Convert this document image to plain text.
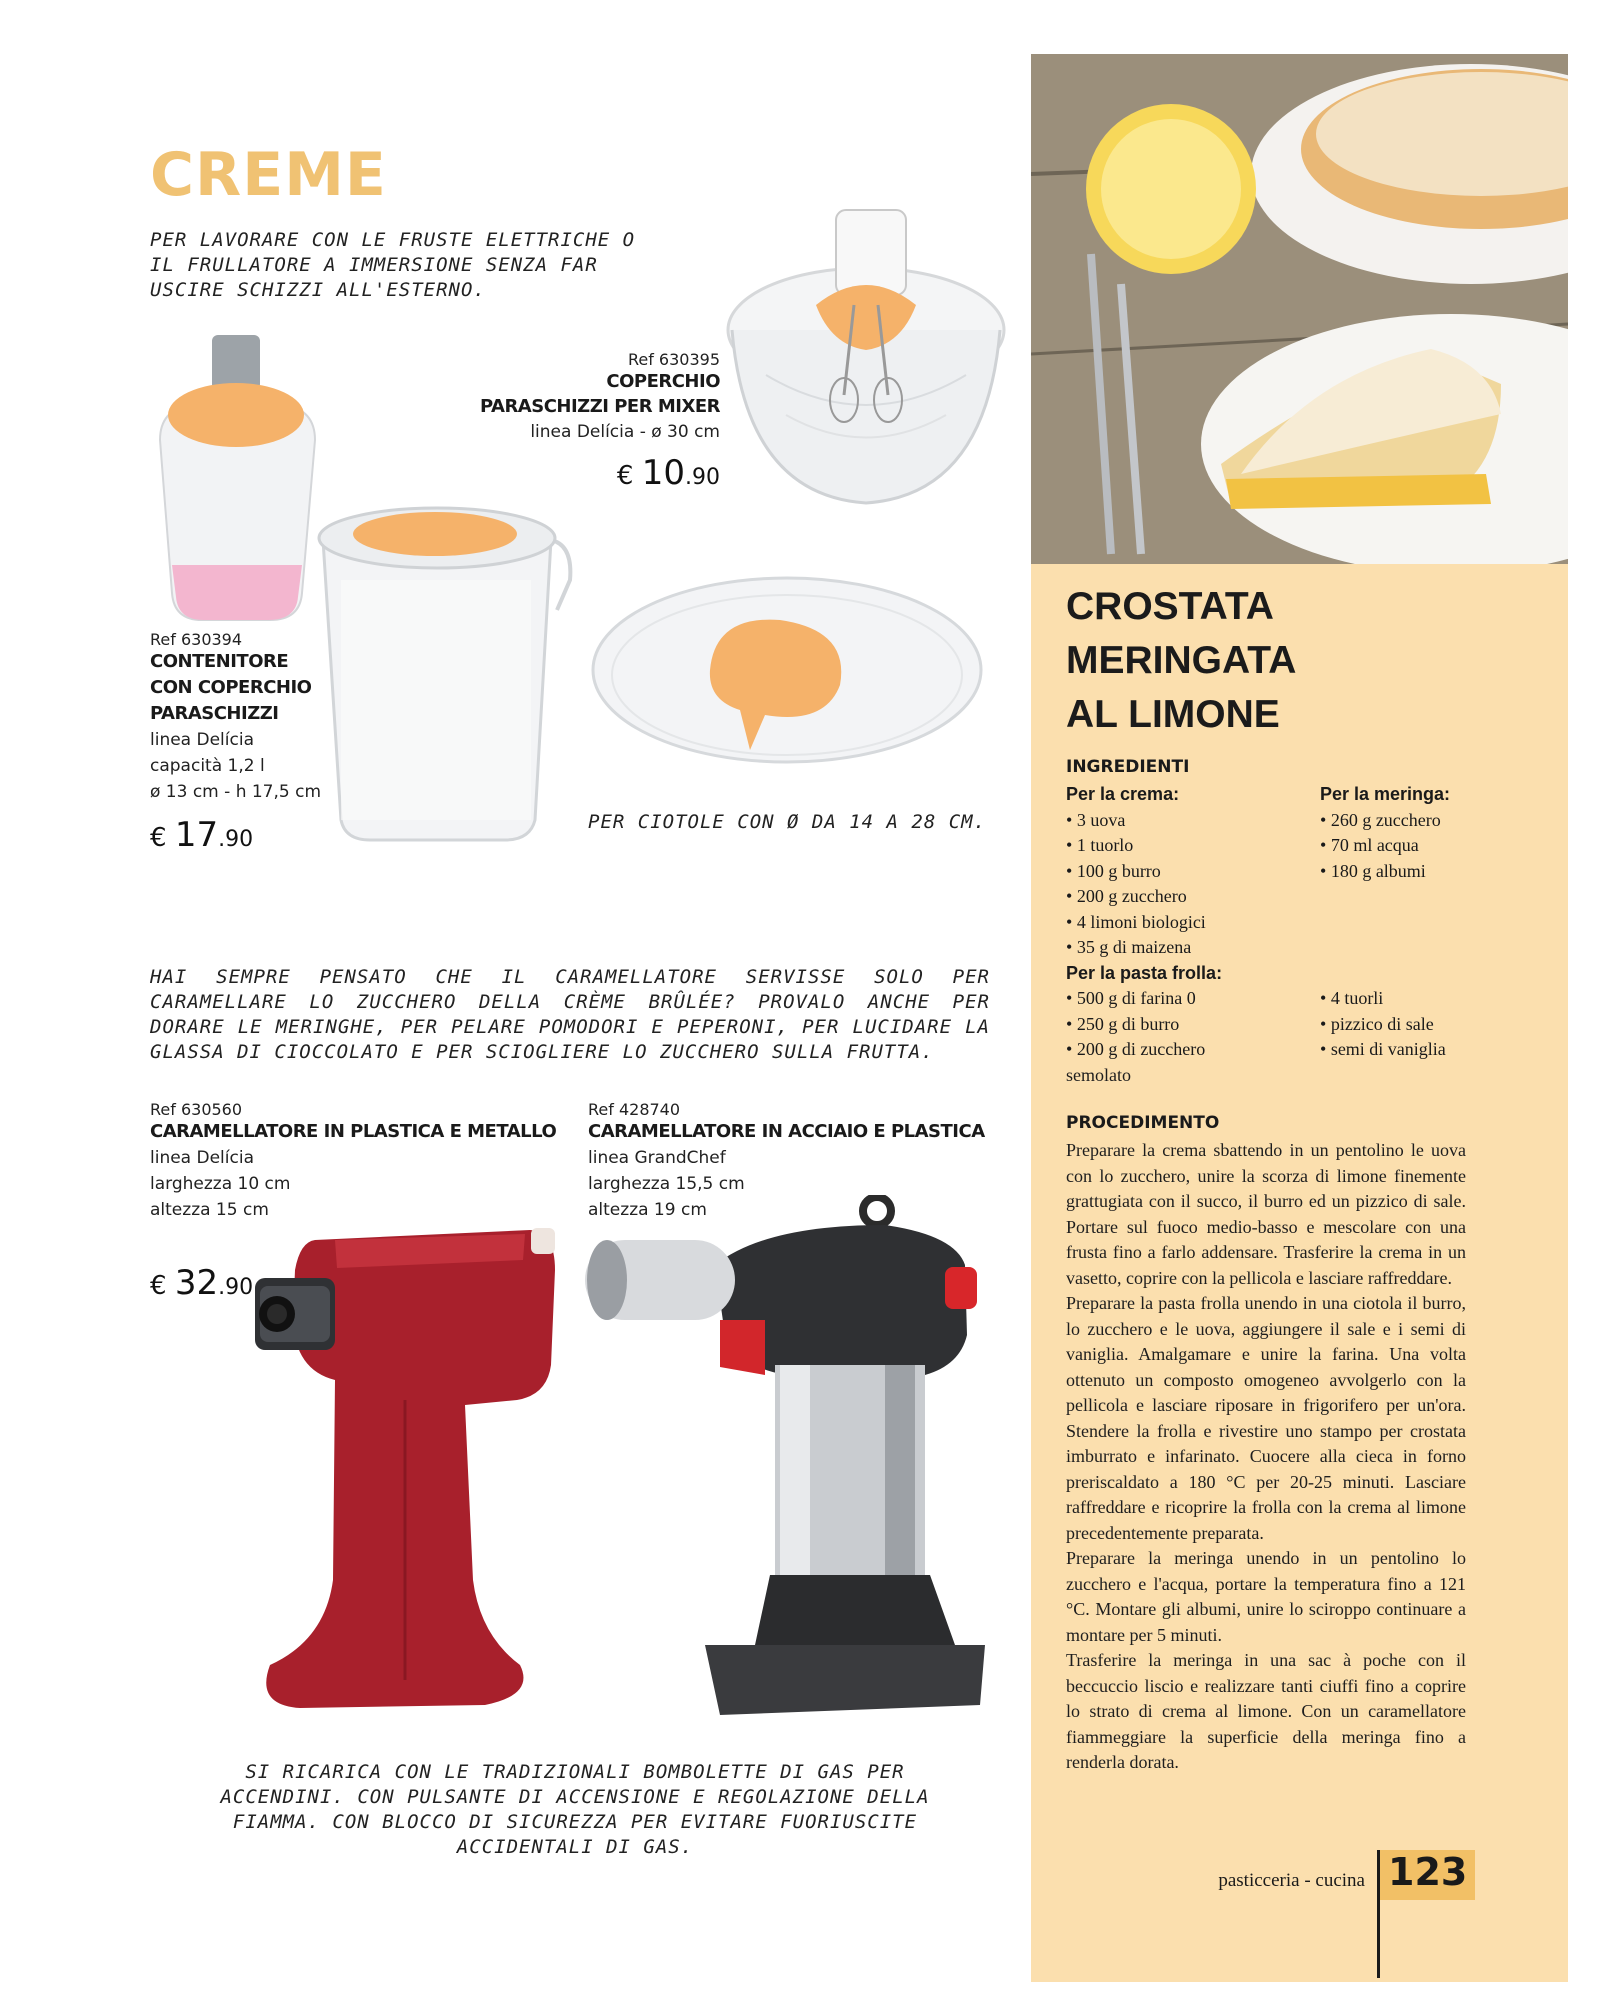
CREME
PER LAVORARE CON LE FRUSTE ELETTRICHE O IL FRULLATORE A IMMERSIONE SENZA FAR USCIRE SCHIZZI ALL'ESTERNO.
Ref 630395
COPERCHIO
PARASCHIZZI PER MIXER
linea Delícia - ø 30 cm
€ 10.90
Ref 630394
CONTENITORE
CON COPERCHIO
PARASCHIZZI
linea Delícia
capacità 1,2 l
ø 13 cm - h 17,5 cm
€ 17.90
PER CIOTOLE CON Ø DA 14 A 28 CM.
HAI SEMPRE PENSATO CHE IL CARAMELLATORE SERVISSE SOLO PER CARAMELLARE LO ZUCCHERO DELLA CRÈME BRÛLÉE? PROVALO ANCHE PER DORARE LE MERINGHE, PER PELARE POMODORI E PEPERONI, PER LUCIDARE LA GLASSA DI CIOCCOLATO E PER SCIOGLIERE LO ZUCCHERO SULLA FRUTTA.
Ref 630560
CARAMELLATORE IN PLASTICA E METALLO
linea Delícia
larghezza 10 cm
altezza 15 cm
€ 32.90
Ref 428740
CARAMELLATORE IN ACCIAIO E PLASTICA
linea GrandChef
larghezza 15,5 cm
altezza 19 cm
SI RICARICA CON LE TRADIZIONALI BOMBOLETTE DI GAS PER ACCENDINI. CON PULSANTE DI ACCENSIONE E REGOLAZIONE DELLA FIAMMA. CON BLOCCO DI SICUREZZA PER EVITARE FUORIUSCITE ACCIDENTALI DI GAS.
CROSTATA
MERINGATA
AL LIMONE
INGREDIENTI
Per la crema:
• 3 uova
• 1 tuorlo
• 100 g burro
• 200 g zucchero
• 4 limoni biologici
• 35 g di maizena
Per la pasta frolla:
• 500 g di farina 0
• 250 g di burro
• 200 g di zucchero
semolato
Per la meringa:
• 260 g zucchero
• 70 ml acqua
• 180 g albumi
• 4 tuorli
• pizzico di sale
• semi di vaniglia
PROCEDIMENTO
Preparare la crema sbattendo in un pentolino le uova con lo zucchero, unire la scorza di limone finemente grattugiata con il succo, il burro ed un pizzico di sale. Portare sul fuoco medio-basso e mescolare con una frusta fino a farlo addensare. Trasferire la crema in un vasetto, coprire con la pellicola e lasciare raffreddare.
Preparare la pasta frolla unendo in una ciotola il burro, lo zucchero e le uova, aggiungere il sale e i semi di vaniglia. Amalgamare e unire la farina. Una volta ottenuto un composto omogeneo avvolgerlo con la pellicola e lasciare riposare in frigorifero per un'ora. Stendere la frolla e rivestire uno stampo per crostata imburrato e infarinato. Cuocere alla cieca in forno preriscaldato a 180 °C per 20-25 minuti. Lasciare raffreddare e ricoprire la frolla con la crema al limone precedentemente preparata.
Preparare la meringa unendo in un pentolino lo zucchero e l'acqua, portare la temperatura fino a 121 °C. Montare gli albumi, unire lo sciroppo continuare a montare per 5 minuti.
Trasferire la meringa in una sac à poche con il beccuccio liscio e realizzare tanti ciuffi fino a coprire lo strato di crema al limone. Con un caramellatore fiammeggiare la superficie della meringa fino a renderla dorata.
pasticceria - cucina 123
